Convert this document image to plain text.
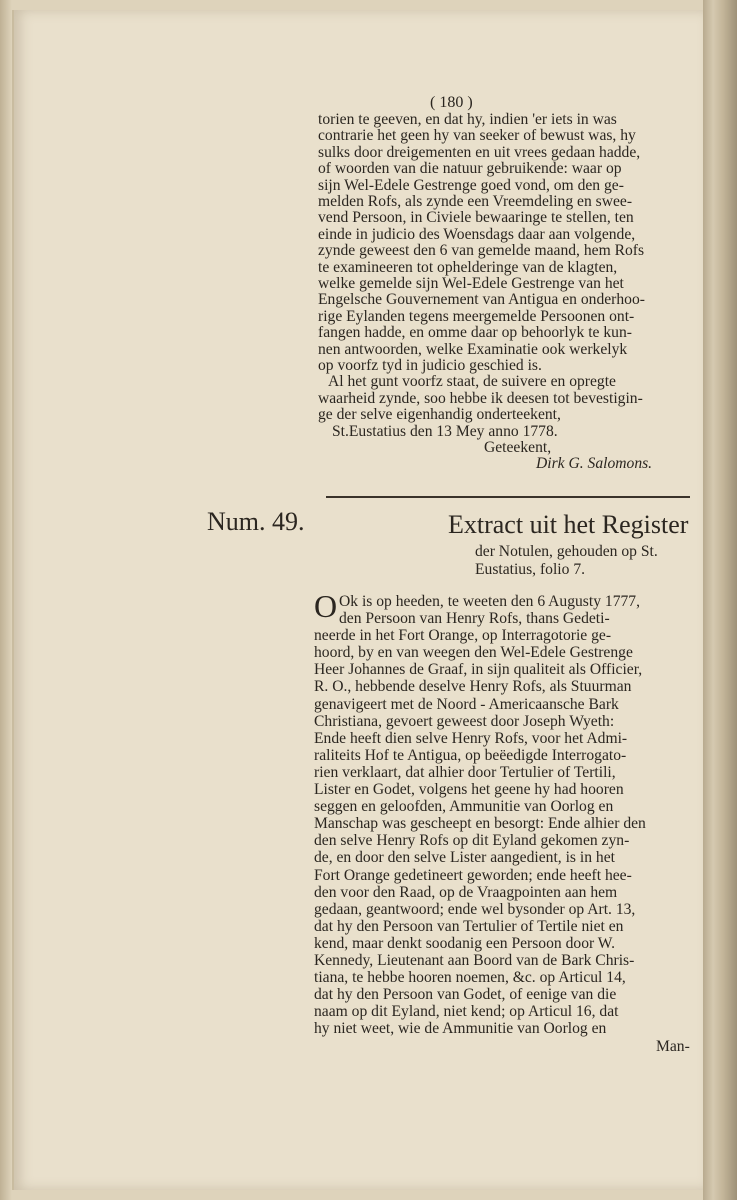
( 180 )
torien te geeven, en dat hy, indien 'er iets in was
contrarie het geen hy van seeker of bewust was, hy
sulks door dreigementen en uit vrees gedaan hadde,
of woorden van die natuur gebruikende: waar op
sijn Wel-Edele Gestrenge goed vond, om den ge-
melden Rofs, als zynde een Vreemdeling en swee-
vend Persoon, in Civiele bewaaringe te stellen, ten
einde in judicio des Woensdags daar aan volgende,
zynde geweest den 6 van gemelde maand, hem Rofs
te examineeren tot ophelderinge van de klagten,
welke gemelde sijn Wel-Edele Gestrenge van het
Engelsche Gouvernement van Antigua en onderhoo-
rige Eylanden tegens meergemelde Persoonen ont-
fangen hadde, en omme daar op behoorlyk te kun-
nen antwoorden, welke Examinatie ook werkelyk
op voorfz tyd in judicio geschied is.
Al het gunt voorfz staat, de suivere en opregte
waarheid zynde, soo hebbe ik deesen tot bevestigin-
ge der selve eigenhandig onderteekent,
St.Eustatius den 13 Mey anno 1778.
Geteekent,
Dirk G. Salomons.
Num. 49.	Extract uit het Register
der Notulen, gehouden op St.
Eustatius, folio 7.
O Ok is op heeden, te weeten den 6 Augusty 1777,
den Persoon van Henry Rofs, thans Gedeti-
neerde in het Fort Orange, op Interragotorie ge-
hoord, by en van weegen den Wel-Edele Gestrenge
Heer Johannes de Graaf, in sijn qualiteit als Officier,
R. O., hebbende deselve Henry Rofs, als Stuurman
genavigeert met de Noord - Americaansche Bark
Christiana, gevoert geweest door Joseph Wyeth:
Ende heeft dien selve Henry Rofs, voor het Admi-
raliteits Hof te Antigua, op beëedigde Interrogato-
rien verklaart, dat alhier door Tertulier of Tertili,
Lister en Godet, volgens het geene hy had hooren
seggen en geloofden, Ammunitie van Oorlog en
Manschap was gescheept en besorgt: Ende alhier den
den selve Henry Rofs op dit Eyland gekomen zyn-
de, en door den selve Lister aangedient, is in het
Fort Orange gedetineert geworden; ende heeft hee-
den voor den Raad, op de Vraagpointen aan hem
gedaan, geantwoord; ende wel bysonder op Art. 13,
dat hy den Persoon van Tertulier of Tertile niet en
kend, maar denkt soodanig een Persoon door W.
Kennedy, Lieutenant aan Boord van de Bark Chris-
tiana, te hebbe hooren noemen, &c. op Articul 14,
dat hy den Persoon van Godet, of eenige van die
naam op dit Eyland, niet kend; op Articul 16, dat
hy niet weet, wie de Ammunitie van Oorlog en
Man-
